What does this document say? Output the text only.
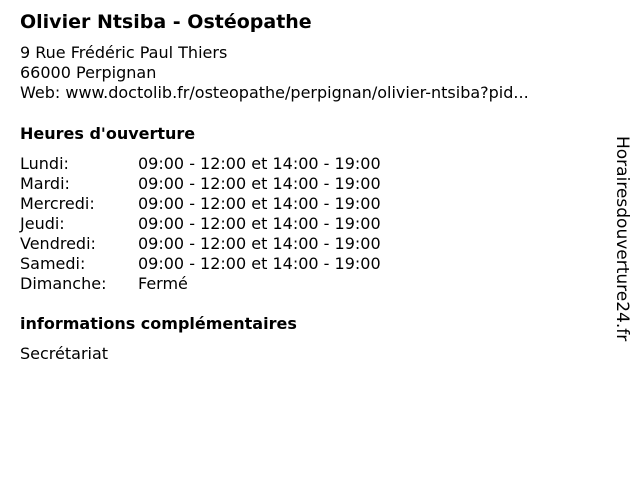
Olivier Ntsiba - Ostéopathe
9 Rue Frédéric Paul Thiers
66000 Perpignan
Web: www.doctolib.fr/osteopathe/perpignan/olivier-ntsiba?pid...
Heures d'ouverture
Lundi:	09:00 - 12:00 et 14:00 - 19:00
Mardi:	09:00 - 12:00 et 14:00 - 19:00
Mercredi:	09:00 - 12:00 et 14:00 - 19:00
Jeudi:	09:00 - 12:00 et 14:00 - 19:00
Vendredi:	09:00 - 12:00 et 14:00 - 19:00
Samedi:	09:00 - 12:00 et 14:00 - 19:00
Dimanche: Fermé
informations complémentaires
Secrétariat
Horairesdouverture24.fr
